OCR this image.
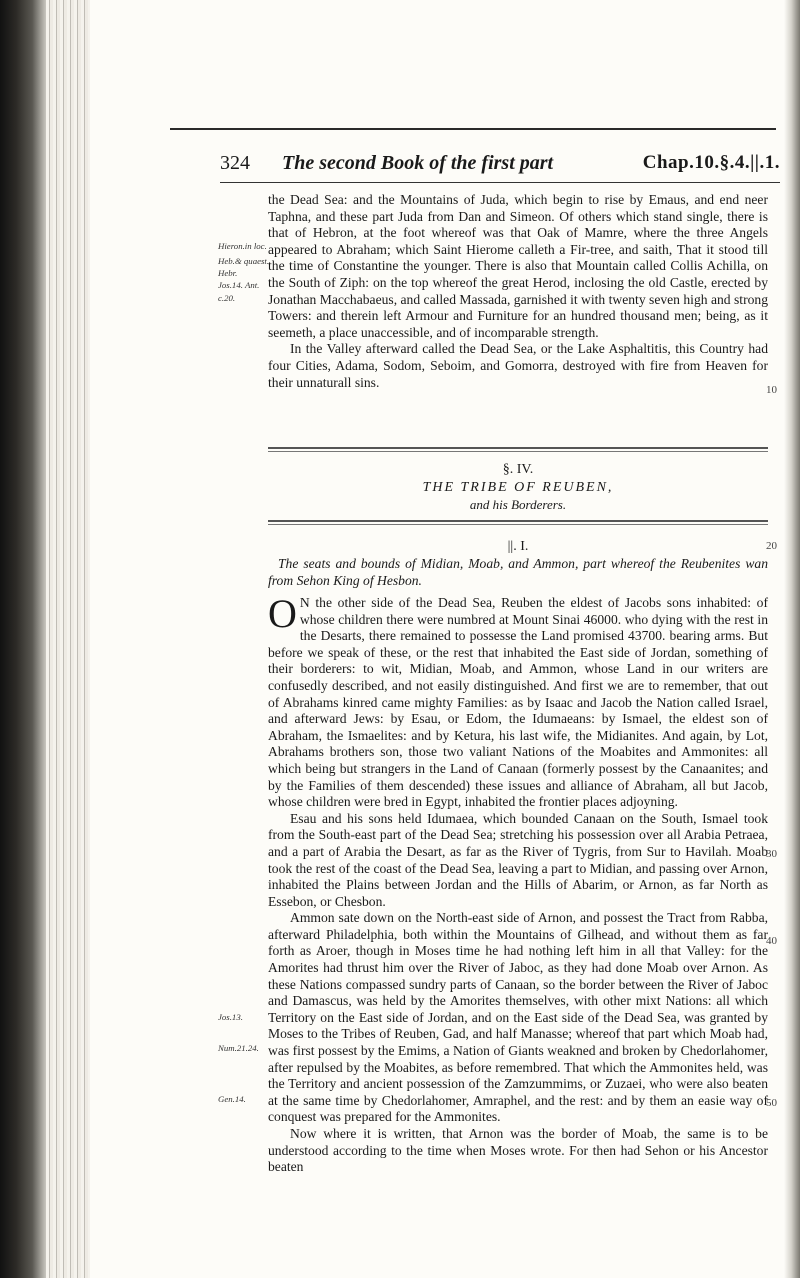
324 The second Book of the first part	Chap.10.§.4.||.1.
Hieron.in loc.
Heb.& quaest.
Hebr.
Jos.14. Ant.
c.20.

the Dead Sea: and the Mountains of Juda, which begin to rise by Emaus, and end neer Taphna, and these part Juda from Dan and Simeon. Of others which stand single, there is that of Hebron, at the foot whereof was that Oak of Mamre, where the three Angels appeared to Abraham; which Saint Hierome calleth a Fir-tree, and saith, That it stood till the time of Constantine the younger. There is also that Mountain called Collis Achilla, on the South of Ziph: on the top whereof the great Herod, inclosing the old Castle, erected by Jonathan Macchabaeus, and called Massada, garnished it with twenty seven high and strong Towers: and therein left Armour and Furniture for an hundred thousand men; being, as it seemeth, a place unaccessible, and of incomparable strength.

In the Valley afterward called the Dead Sea, or the Lake Asphaltitis, this Country had four Cities, Adama, Sodom, Seboim, and Gomorra, destroyed with fire from Heaven for their unnaturall sins.

10
§. IV.
THE TRIBE OF REUBEN,
and his Borderers.
||. I.	20

The seats and bounds of Midian, Moab, and Ammon, part whereof the Reubenites wan from Sehon King of Hesbon.

O N the other side of the Dead Sea, Reuben the eldest of Jacobs sons inhabited: of whose children there were numbred at Mount Sinai 46000. who dying with the rest in the Desarts, there remained to possesse the Land promised 43700. bearing arms. But before we speak of these, or the rest that inhabited the East side of Jordan, something of their borderers: to wit, Midian, Moab, and Ammon, whose Land in our writers are confusedly described, and not easily distinguished. And first we are to remember, that out of Abrahams kinred came mighty Families: as by Isaac and Jacob the Nation called Israel, and afterward Jews: by Esau, or Edom, the Idumaeans: by Ismael, the eldest son of Abraham, the Ismaelites: and by Ketura, his last wife, the Midianites. And again, by Lot, Abrahams brothers son, those two valiant Nations of the Moabites and Ammonites: all which being but strangers in the Land of Canaan (formerly possest by the Canaanites; and by the Families of them descended) these issues and alliance of Abraham, all but Jacob, whose children were bred in Egypt, inhabited the frontier places adjoyning.

Esau and his sons held Idumaea, which bounded Canaan on the South, Ismael took from the South-east part of the Dead Sea; stretching his possession over all Arabia Petraea, and a part of Arabia the Desart, as far as the River of Tygris, from Sur to Havilah. Moab took the rest of the coast of the Dead Sea, leaving a part to Midian, and passing over Arnon, inhabited the Plains between Jordan and the Hills of Abarim, or Arnon, as far North as Essebon, or Chesbon.

Ammon sate down on the North-east side of Arnon, and possest the Tract from Rabba, afterward Philadelphia, both within the Mountains of Gilhead, and without them as far forth as Aroer, though in Moses time he had nothing left him in all that Valley: for the Amorites had thrust him over the River of Jaboc, as they had done Moab over Arnon. As these Nations compassed sundry parts of Canaan, so the border between the River of Jaboc and Damascus, was held by the Amorites themselves, with other mixt Nations: all which Territory on the East side of Jordan, and on the East side of the Dead Sea, was granted by Moses to the Tribes of Reuben, Gad, and half Manasse; whereof that part which Moab had, was first possest by the Emims, a Nation of Giants weakned and broken by Chedorlahomer, after repulsed by the Moabites, as before remembred. That which the Ammonites held, was the Territory and ancient possession of the Zamzummims, or Zuzaei, who were also beaten at the same time by Chedorlahomer, Amraphel, and the rest: and by them an easie way of conquest was prepared for the Ammonites.

Now where it is written, that Arnon was the border of Moab, the same is to be understood according to the time when Moses wrote. For then had Sehon or his Ancestor beaten

30
40
50
Jos.13.
Num.21.24.
Gen.14.
